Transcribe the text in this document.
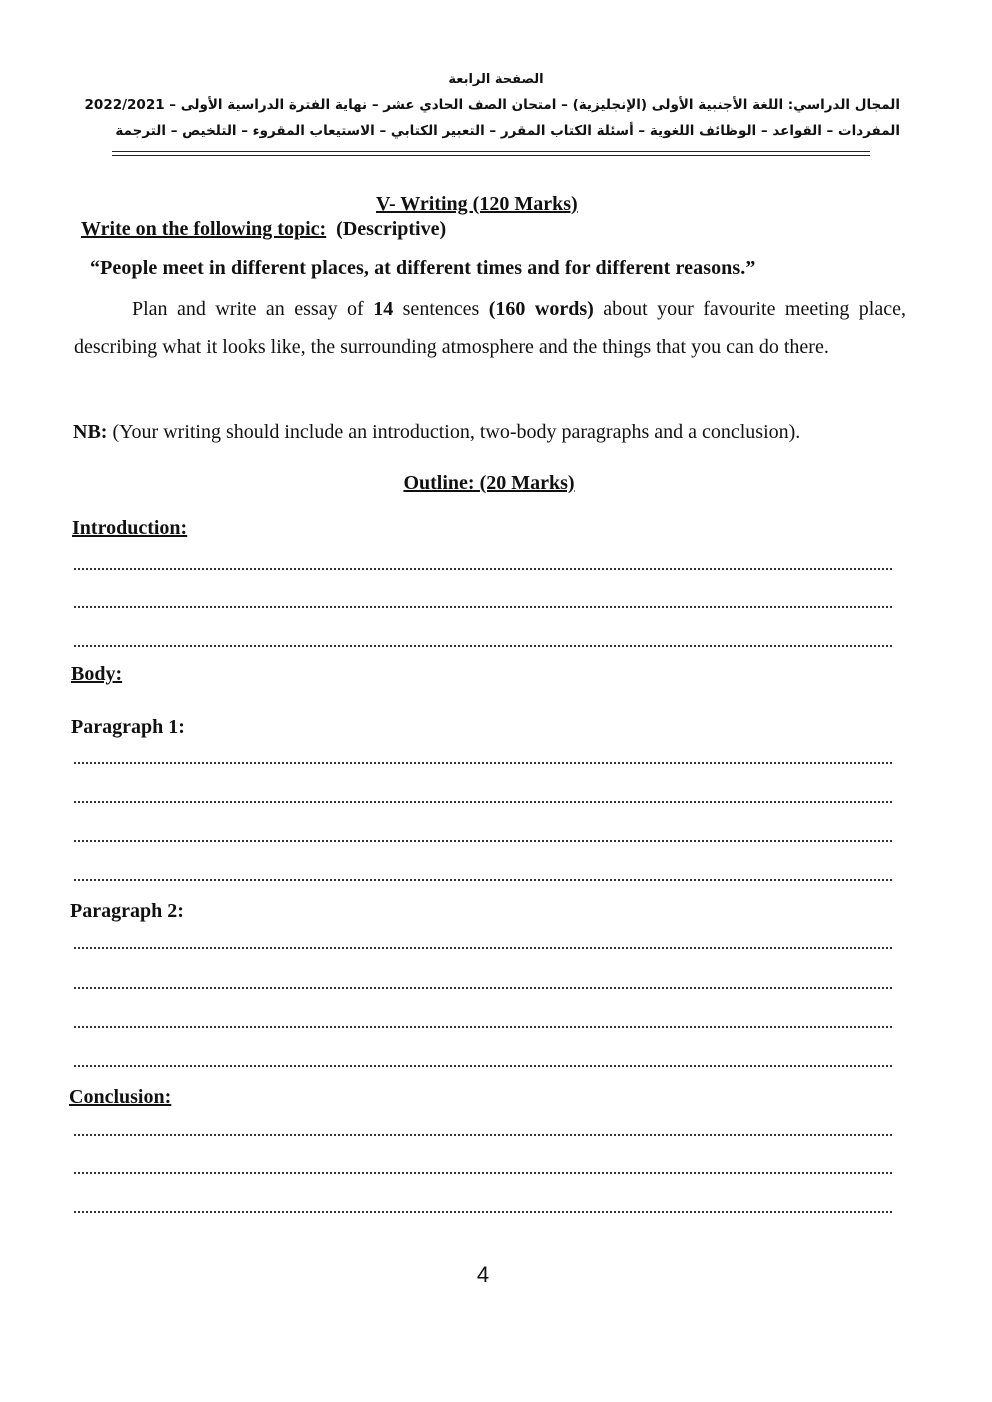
الصفحة الرابعة
المجال الدراسي: اللغة الأجنبية الأولى (الإنجليزية) – امتحان الصف الحادي عشر – نهاية الفترة الدراسية الأولى – 2022/2021
المفردات – القواعد – الوظائف اللغوية – أسئلة الكتاب المقرر – التعبير الكتابي – الاستيعاب المقروء – التلخيص – الترجمة
V- Writing (120 Marks)
Write on the following topic: (Descriptive)
“People meet in different places, at different times and for different reasons.”
Plan and write an essay of 14 sentences (160 words) about your favourite meeting place, describing what it looks like, the surrounding atmosphere and the things that you can do there.
NB: (Your writing should include an introduction, two-body paragraphs and a conclusion).
Outline: (20 Marks)
Introduction:
Body:
Paragraph 1:
Paragraph 2:
Conclusion:
4
